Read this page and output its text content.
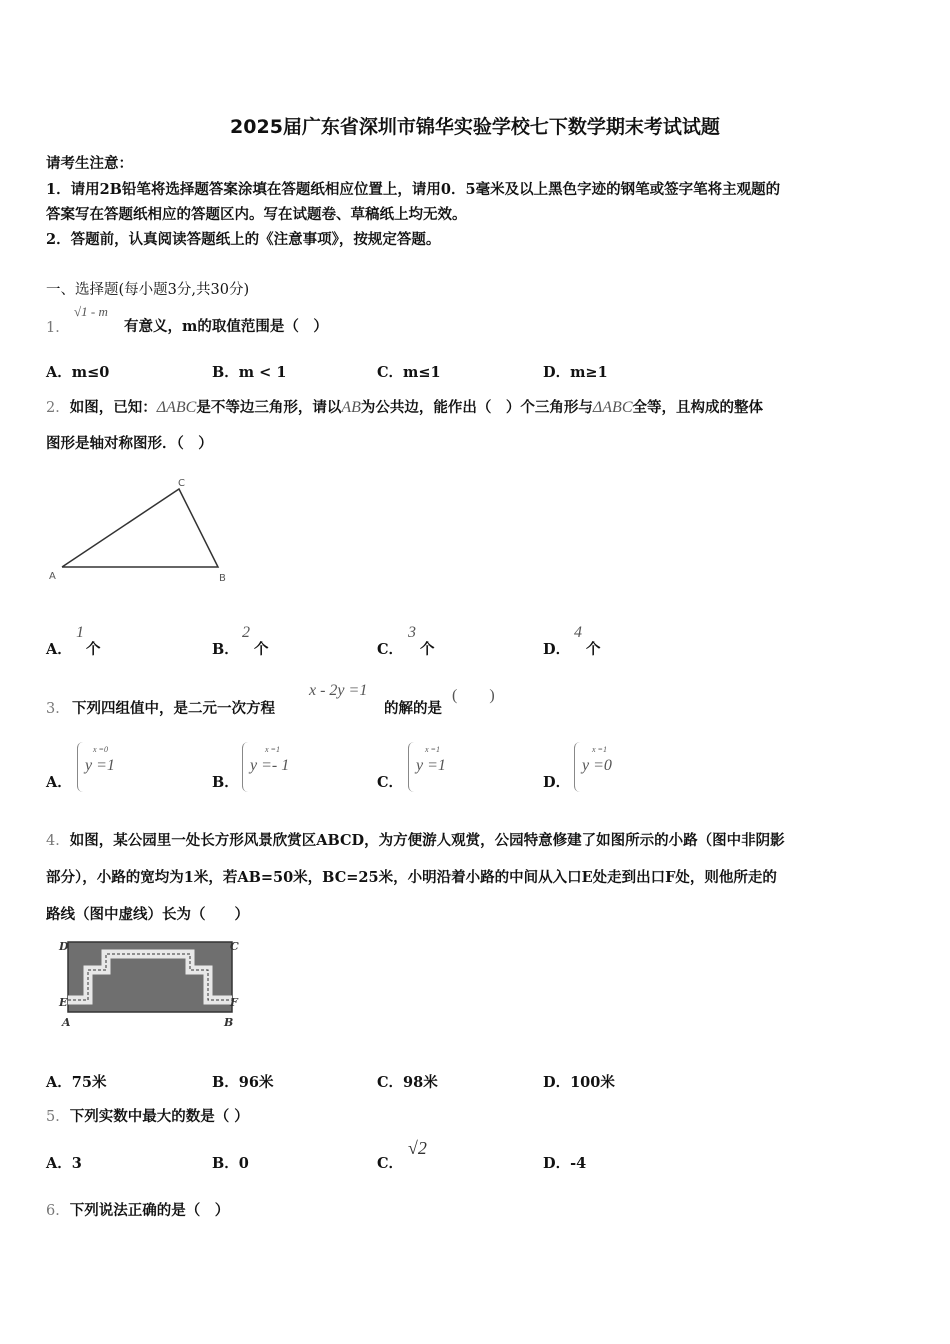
2025届广东省深圳市锦华实验学校七下数学期末考试试题
请考生注意：
1．请用2B铅笔将选择题答案涂填在答题纸相应位置上，请用0．5毫米及以上黑色字迹的钢笔或签字笔将主观题的
答案写在答题纸相应的答题区内。写在试题卷、草稿纸上均无效。
2．答题前，认真阅读答题纸上的《注意事项》，按规定答题。
一、选择题(每小题3分,共30分)
1．
√1 - m
有意义，m的取值范围是（　）
A．m≤0	B．m < 1	C．m≤1	D．m≥1
2．如图，已知：ΔABC是不等边三角形，请以AB为公共边，能作出（　）个三角形与ΔABC全等，且构成的整体
图形是轴对称图形．（　）
A	B
C
A．
1
个	B．
2
个	C．
3
个	D．
4
个
3． 下列四组值中，是二元一次方程
x - 2y =1
的解的是
(　　)
A．
x =0
y =1
B．
x =1
y =- 1
C．
x =1
y =1
D．
x =1
y =0
4．如图，某公园里一处长方形风景欣赏区ABCD，为方便游人观赏，公园特意修建了如图所示的小路（图中非阴影
部分），小路的宽均为1米，若AB=50米，BC=25米，小明沿着小路的中间从入口E处走到出口F处，则他所走的
路线（图中虚线）长为（　　）
D	C
E	F
A	B
A．75米	B．96米	C．98米	D．100米
5．下列实数中最大的数是（ ）
A．3	B．0	C．
√2
D．-4
6．下列说法正确的是（　）
